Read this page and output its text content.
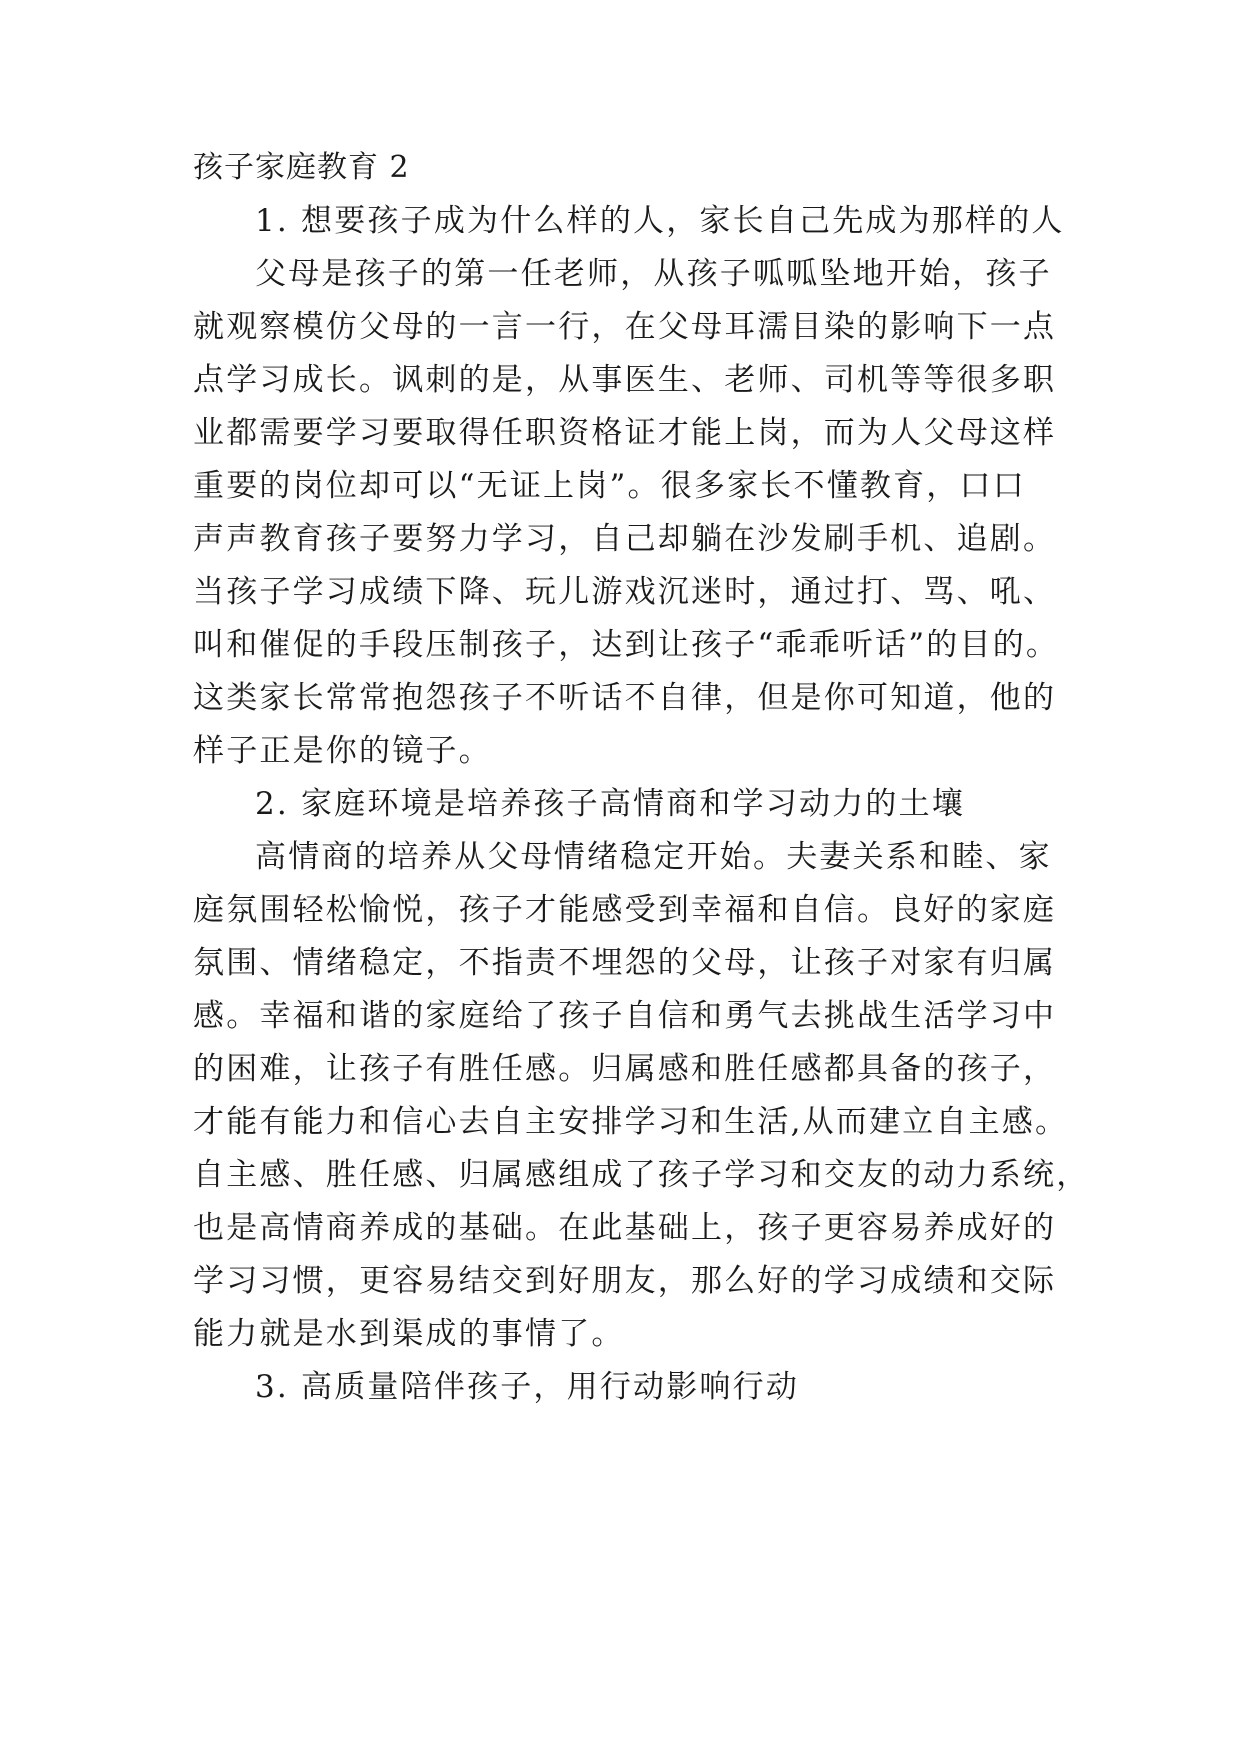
孩子家庭教育 2
1. 想要孩子成为什么样的人，家长自己先成为那样的人
父母是孩子的第一任老师，从孩子呱呱坠地开始，孩子
就观察模仿父母的一言一行，在父母耳濡目染的影响下一点
点学习成长。讽刺的是，从事医生、老师、司机等等很多职
业都需要学习要取得任职资格证才能上岗，而为人父母这样
重要的岗位却可以“无证上岗”。很多家长不懂教育，口口
声声教育孩子要努力学习，自己却躺在沙发刷手机、追剧。
当孩子学习成绩下降、玩儿游戏沉迷时，通过打、骂、吼、
叫和催促的手段压制孩子，达到让孩子“乖乖听话”的目的。
这类家长常常抱怨孩子不听话不自律，但是你可知道，他的
样子正是你的镜子。
2. 家庭环境是培养孩子高情商和学习动力的土壤
高情商的培养从父母情绪稳定开始。夫妻关系和睦、家
庭氛围轻松愉悦，孩子才能感受到幸福和自信。良好的家庭
氛围、情绪稳定，不指责不埋怨的父母，让孩子对家有归属
感。幸福和谐的家庭给了孩子自信和勇气去挑战生活学习中
的困难，让孩子有胜任感。归属感和胜任感都具备的孩子，
才能有能力和信心去自主安排学习和生活,从而建立自主感。
自主感、胜任感、归属感组成了孩子学习和交友的动力系统，
也是高情商养成的基础。在此基础上，孩子更容易养成好的
学习习惯，更容易结交到好朋友，那么好的学习成绩和交际
能力就是水到渠成的事情了。
3. 高质量陪伴孩子，用行动影响行动
